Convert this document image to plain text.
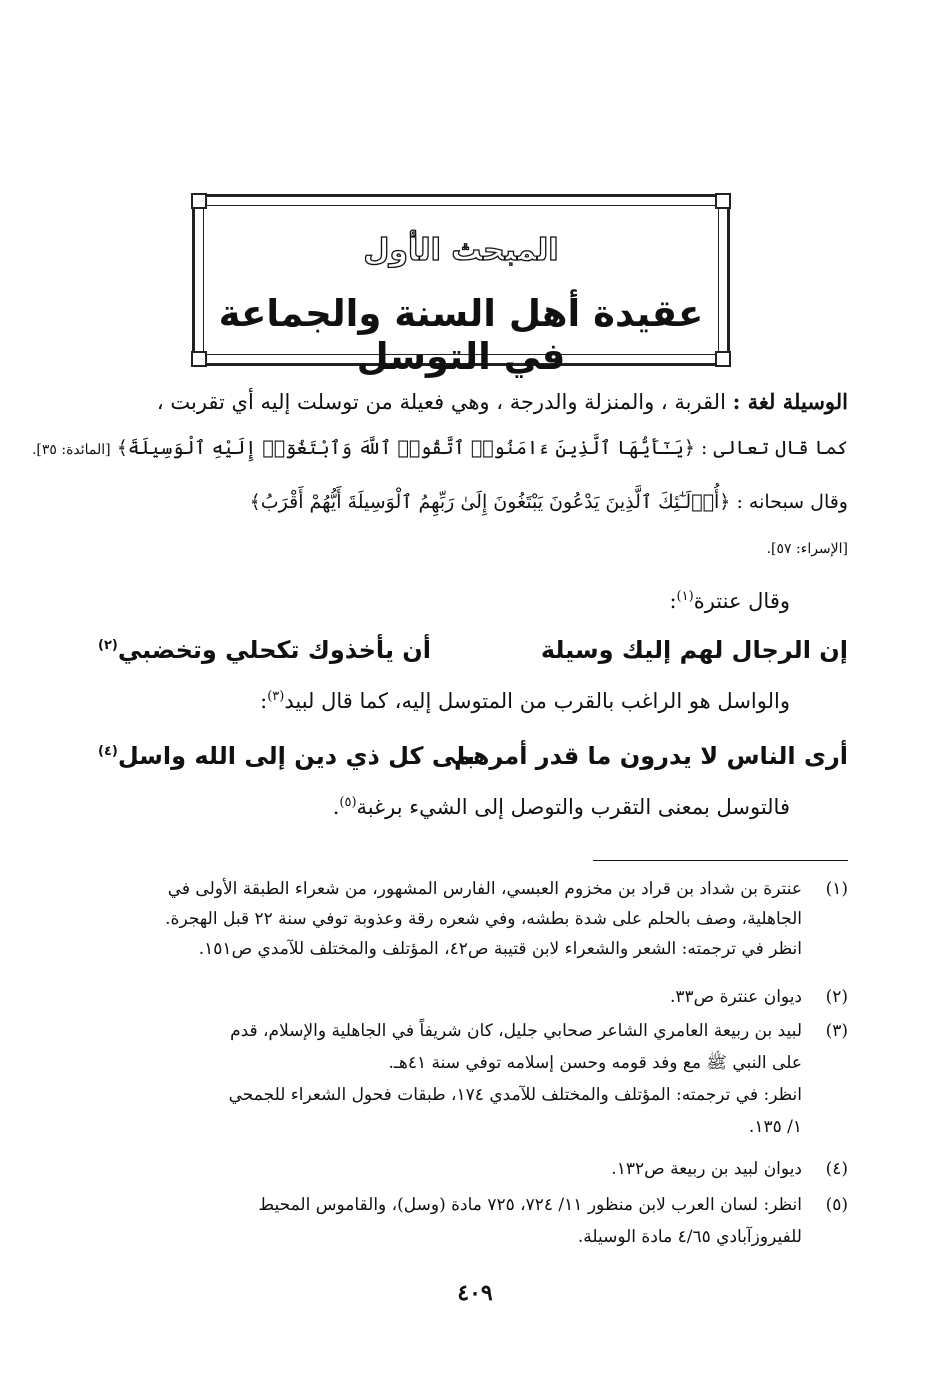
المبحث الأول
عقيدة أهل السنة والجماعة في التوسل
الوسيلة لغة : القربة ، والمنزلة والدرجة ، وهي فعيلة من توسلت إليه أي تقربت ،
كما قال تعالى : ﴿يَـٰٓأَيُّهَا ٱلَّذِينَ ءَامَنُوا۟ ٱتَّقُوا۟ ٱللَّهَ وَٱبْتَغُوٓا۟ إِلَيْهِ ٱلْوَسِيلَةَ﴾ [المائدة: ٣٥].
وقال سبحانه : ﴿أُو۟لَـٰٓئِكَ ٱلَّذِينَ يَدْعُونَ يَبْتَغُونَ إِلَىٰ رَبِّهِمُ ٱلْوَسِيلَةَ أَيُّهُمْ أَقْرَبُ﴾
[الإسراء: ٥٧].
وقال عنترة$^{(١)}$:
إن الرجال لهم إليك وسيلة
أن يأخذوك تكحلي وتخضبي$^{(٢)}$
والواسل هو الراغب بالقرب من المتوسل إليه، كما قال لبيد$^{(٣)}$:
أرى الناس لا يدرون ما قدر أمرهم
بلى كل ذي دين إلى الله واسل$^{(٤)}$
فالتوسل بمعنى التقرب والتوصل إلى الشيء برغبة$^{(٥)}$.
(١)
عنترة بن شداد بن قراد بن مخزوم العبسي، الفارس المشهور، من شعراء الطبقة الأولى في
الجاهلية، وصف بالحلم على شدة بطشه، وفي شعره رقة وعذوبة توفي سنة ٢٢ قبل الهجرة.
انظر في ترجمته: الشعر والشعراء لابن قتيبة ص٤٢، المؤتلف والمختلف للآمدي ص١٥١.
(٢)
ديوان عنترة ص٣٣.
(٣)
لبيد بن ربيعة العامري الشاعر صحابي جليل، كان شريفاً في الجاهلية والإسلام، قدم
على النبي ﷺ مع وفد قومه وحسن إسلامه توفي سنة ٤١هـ.
انظر: في ترجمته: المؤتلف والمختلف للآمدي ١٧٤، طبقات فحول الشعراء للجمحي
١/ ١٣٥.
(٤)
ديوان لبيد بن ربيعة ص١٣٢.
(٥)
انظر: لسان العرب لابن منظور ١١/ ٧٢٤، ٧٢٥ مادة (وسل)، والقاموس المحيط
للفيروزآبادي ٤/٦٥ مادة الوسيلة.
٤٠٩
